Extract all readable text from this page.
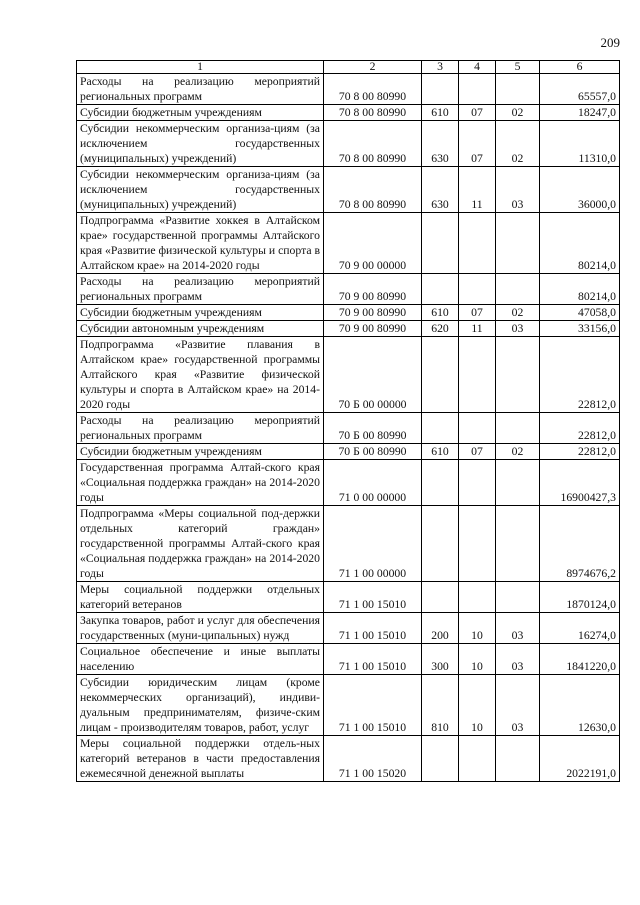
209
1	2	3	4	5	6
Расходы на реализацию мероприятий региональных программ	70 8 00 80990				65557,0
Субсидии бюджетным учреждениям	70 8 00 80990	610	07	02	18247,0
Субсидии некоммерческим организа-циям (за исключением государственных (муниципальных) учреждений)	70 8 00 80990	630	07	02	11310,0
Субсидии некоммерческим организа-циям (за исключением государственных (муниципальных) учреждений)	70 8 00 80990	630	11	03	36000,0
Подпрограмма «Развитие хоккея в Алтайском крае» государственной программы Алтайского края «Развитие физической культуры и спорта в Алтайском крае» на 2014-2020 годы	70 9 00 00000				80214,0
Расходы на реализацию мероприятий региональных программ	70 9 00 80990				80214,0
Субсидии бюджетным учреждениям	70 9 00 80990	610	07	02	47058,0
Субсидии автономным учреждениям	70 9 00 80990	620	11	03	33156,0
Подпрограмма «Развитие плавания в Алтайском крае» государственной программы Алтайского края «Развитие физической культуры и спорта в Алтайском крае» на 2014-2020 годы	70 Б 00 00000				22812,0
Расходы на реализацию мероприятий региональных программ	70 Б 00 80990				22812,0
Субсидии бюджетным учреждениям	70 Б 00 80990	610	07	02	22812,0
Государственная программа Алтай-ского края «Социальная поддержка граждан» на 2014-2020 годы	71 0 00 00000				16900427,3
Подпрограмма «Меры социальной под-держки отдельных категорий граждан» государственной программы Алтай-ского края «Социальная поддержка граждан» на 2014-2020 годы	71 1 00 00000				8974676,2
Меры социальной поддержки отдельных категорий ветеранов	71 1 00 15010				1870124,0
Закупка товаров, работ и услуг для обеспечения государственных (муни-ципальных) нужд	71 1 00 15010	200	10	03	16274,0
Социальное обеспечение и иные выплаты населению	71 1 00 15010	300	10	03	1841220,0
Субсидии юридическим лицам (кроме некоммерческих организаций), индиви-дуальным предпринимателям, физиче-ским лицам - производителям товаров, работ, услуг	71 1 00 15010	810	10	03	12630,0
Меры социальной поддержки отдель-ных категорий ветеранов в части предоставления ежемесячной денежной выплаты	71 1 00 15020				2022191,0
